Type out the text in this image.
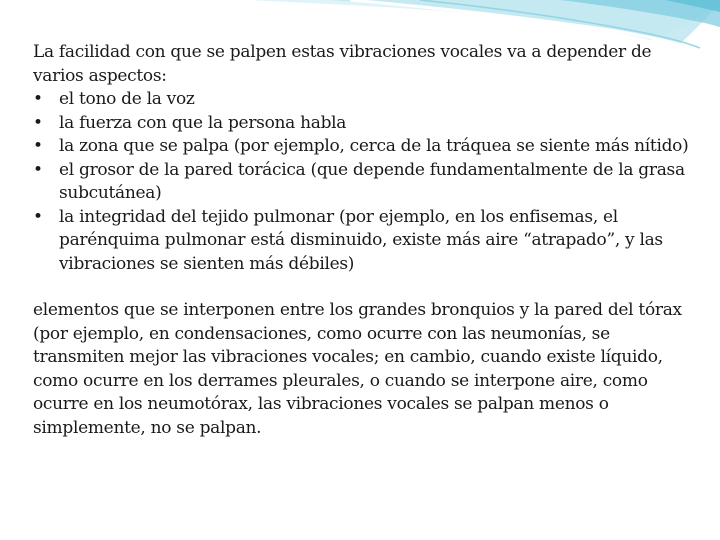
La facilidad con que se palpen estas vibraciones vocales va a depender de varios aspectos:

• el tono de la voz
• la fuerza con que la persona habla
• la zona que se palpa (por ejemplo, cerca de la tráquea se siente más nítido)
• el grosor de la pared torácica (que depende fundamentalmente de la grasa subcutánea)
• la integridad del tejido pulmonar (por ejemplo, en los enfisemas, el parénquima pulmonar está disminuido, existe más aire “atrapado”, y las vibraciones se sienten más débiles)

elementos que se interponen entre los grandes bronquios y la pared del tórax (por ejemplo, en condensaciones, como ocurre con las neumonías, se transmiten mejor las vibraciones vocales; en cambio, cuando existe líquido, como ocurre en los derrames pleurales, o cuando se interpone aire, como ocurre en los neumotórax, las vibraciones vocales se palpan menos o simplemente, no se palpan.
